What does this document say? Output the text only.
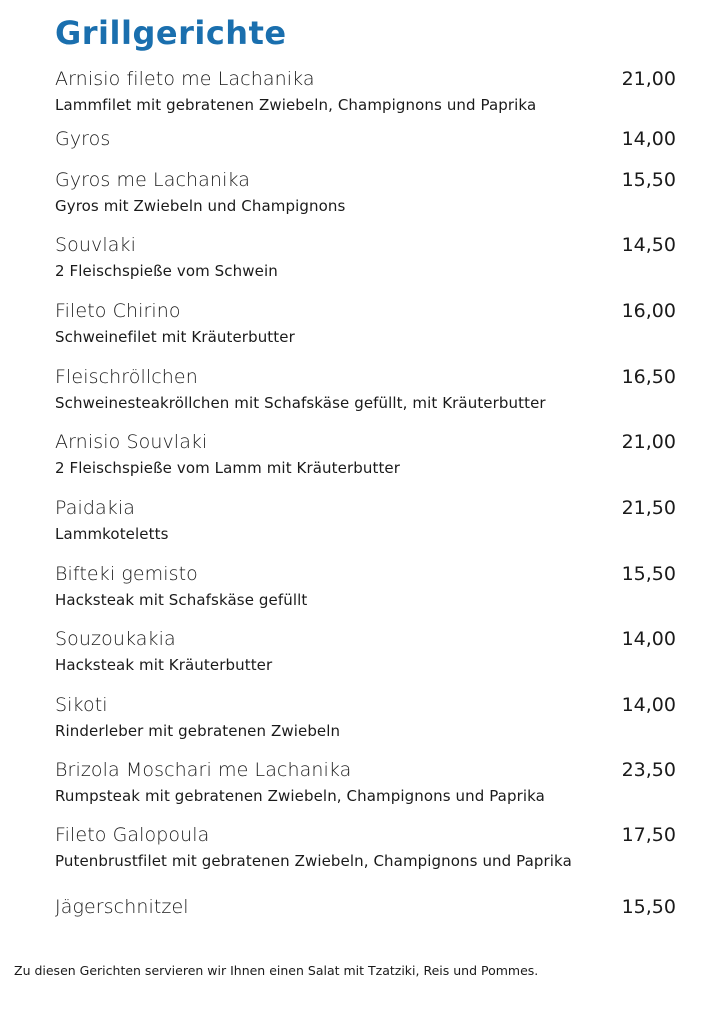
Grillgerichte
Arnisio fileto me Lachanika	21,00
Lammfilet mit gebratenen Zwiebeln, Champignons und Paprika
Gyros	14,00
Gyros me Lachanika	15,50
Gyros mit Zwiebeln und Champignons
Souvlaki	14,50
2 Fleischspieße vom Schwein
Fileto Chirino	16,00
Schweinefilet mit Kräuterbutter
Fleischröllchen	16,50
Schweinesteakröllchen mit Schafskäse gefüllt, mit Kräuterbutter
Arnisio Souvlaki	21,00
2 Fleischspieße vom Lamm mit Kräuterbutter
Paidakia	21,50
Lammkoteletts
Bifteki gemisto	15,50
Hacksteak mit Schafskäse gefüllt
Souzoukakia	14,00
Hacksteak mit Kräuterbutter
Sikoti	14,00
Rinderleber mit gebratenen Zwiebeln
Brizola Moschari me Lachanika	23,50
Rumpsteak mit gebratenen Zwiebeln, Champignons und Paprika
Fileto Galopoula	17,50
Putenbrustfilet mit gebratenen Zwiebeln, Champignons und Paprika
Jägerschnitzel	15,50

Zu diesen Gerichten servieren wir Ihnen einen Salat mit Tzatziki, Reis und Pommes.
